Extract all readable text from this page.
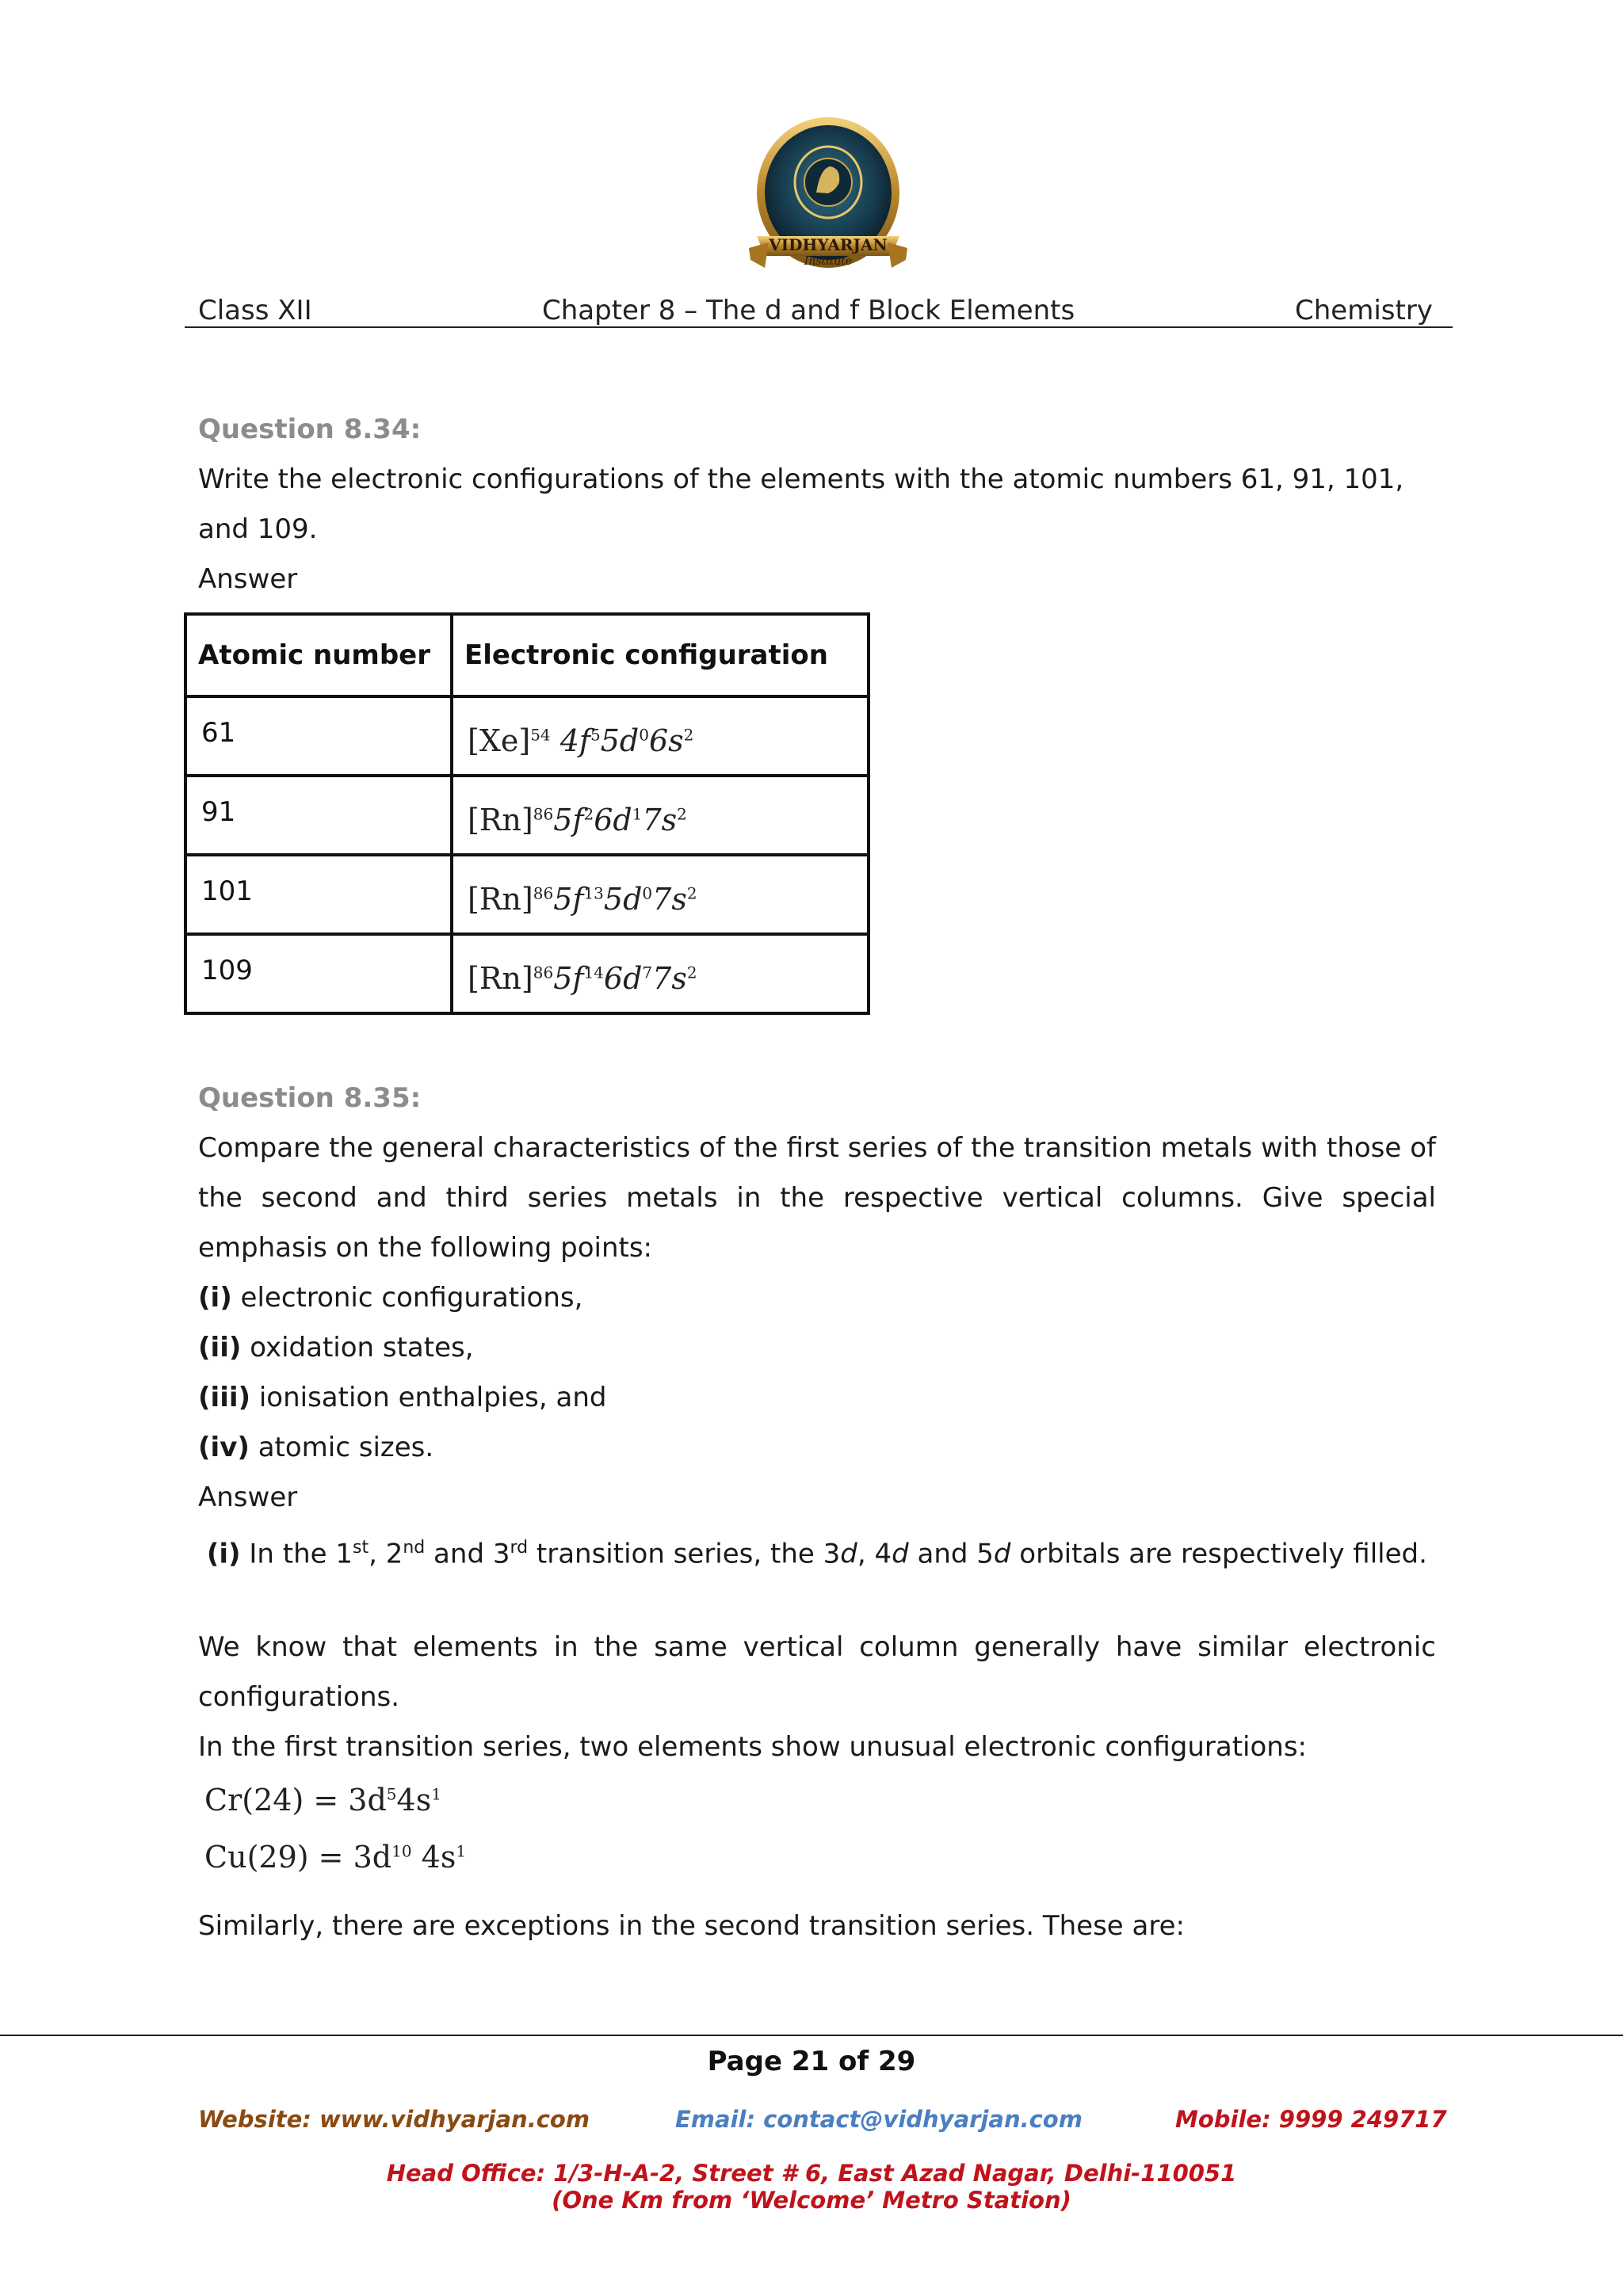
VIDHYARJAN
Institute
Class XII	Chapter 8 – The d and f Block Elements	Chemistry
Question 8.34:
Write the electronic configurations of the elements with the atomic numbers 61, 91, 101, and 109.
Answer
Atomic number	Electronic configuration
61	$[Xe]^{54}$ $4f^55d^06s^2$
91	$[Rn]^{86}5f^26d^17s^2$
101	$[Rn]^{86}5f^{13}5d^07s^2$
109	$[Rn]^{86}5f^{14}6d^77s^2$
Question 8.35:
Compare the general characteristics of the first series of the transition metals with those of the second and third series metals in the respective vertical columns. Give special emphasis on the following points:
(i) electronic configurations,
(ii) oxidation states,
(iii) ionisation enthalpies, and
(iv) atomic sizes.
Answer
(i) In the 1st, 2nd and 3rd transition series, the 3d, 4d and 5d orbitals are respectively filled.
We know that elements in the same vertical column generally have similar electronic configurations.
In the first transition series, two elements show unusual electronic configurations:
$Cr(24) = 3d^54s^1$
$Cu(29) = 3d^{10}$ $4s^1$
Similarly, there are exceptions in the second transition series. These are:
Page 21 of 29
Website: www.vidhyarjan.com	Email: contact@vidhyarjan.com	Mobile: 9999 249717
Head Office: 1/3-H-A-2, Street # 6, East Azad Nagar, Delhi-110051
(One Km from ‘Welcome’ Metro Station)
